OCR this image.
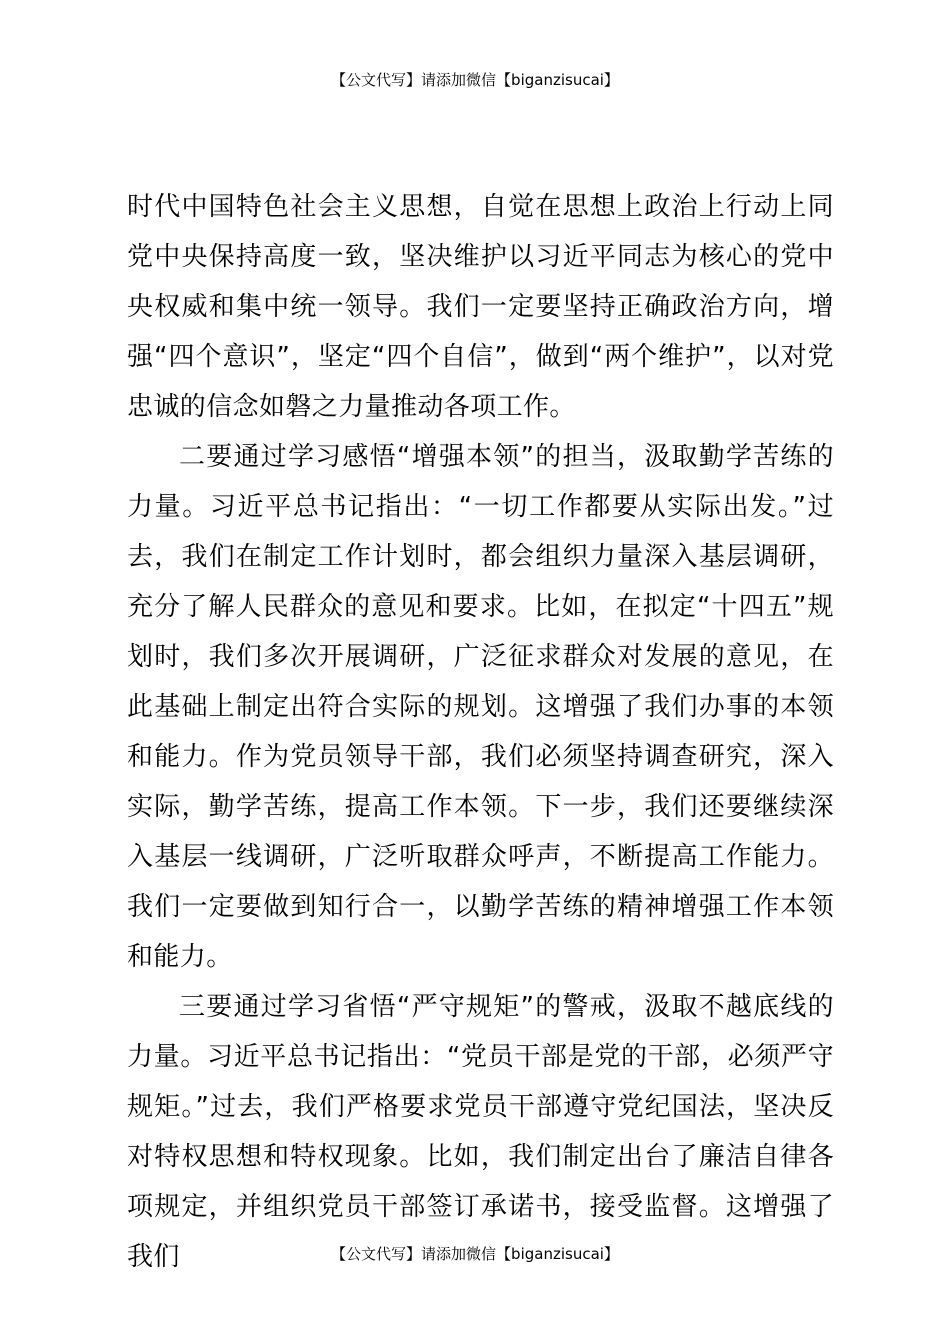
【公文代写】请添加微信【biganzisucai】

时代中国特色社会主义思想，自觉在思想上政治上行动上同党中央保持高度一致，坚决维护以习近平同志为核心的党中央权威和集中统一领导。我们一定要坚持正确政治方向，增强“四个意识”，坚定“四个自信”，做到“两个维护”，以对党忠诚的信念如磐之力量推动各项工作。

二要通过学习感悟“增强本领”的担当，汲取勤学苦练的力量。习近平总书记指出：“一切工作都要从实际出发。”过去，我们在制定工作计划时，都会组织力量深入基层调研，充分了解人民群众的意见和要求。比如，在拟定“十四五”规划时，我们多次开展调研，广泛征求群众对发展的意见，在此基础上制定出符合实际的规划。这增强了我们办事的本领和能力。作为党员领导干部，我们必须坚持调查研究，深入实际，勤学苦练，提高工作本领。下一步，我们还要继续深入基层一线调研，广泛听取群众呼声，不断提高工作能力。我们一定要做到知行合一，以勤学苦练的精神增强工作本领和能力。

三要通过学习省悟“严守规矩”的警戒，汲取不越底线的力量。习近平总书记指出：“党员干部是党的干部，必须严守规矩。”过去，我们严格要求党员干部遵守党纪国法，坚决反对特权思想和特权现象。比如，我们制定出台了廉洁自律各项规定，并组织党员干部签订承诺书，接受监督。这增强了我们	【公文代写】请添加微信【biganzisucai】
